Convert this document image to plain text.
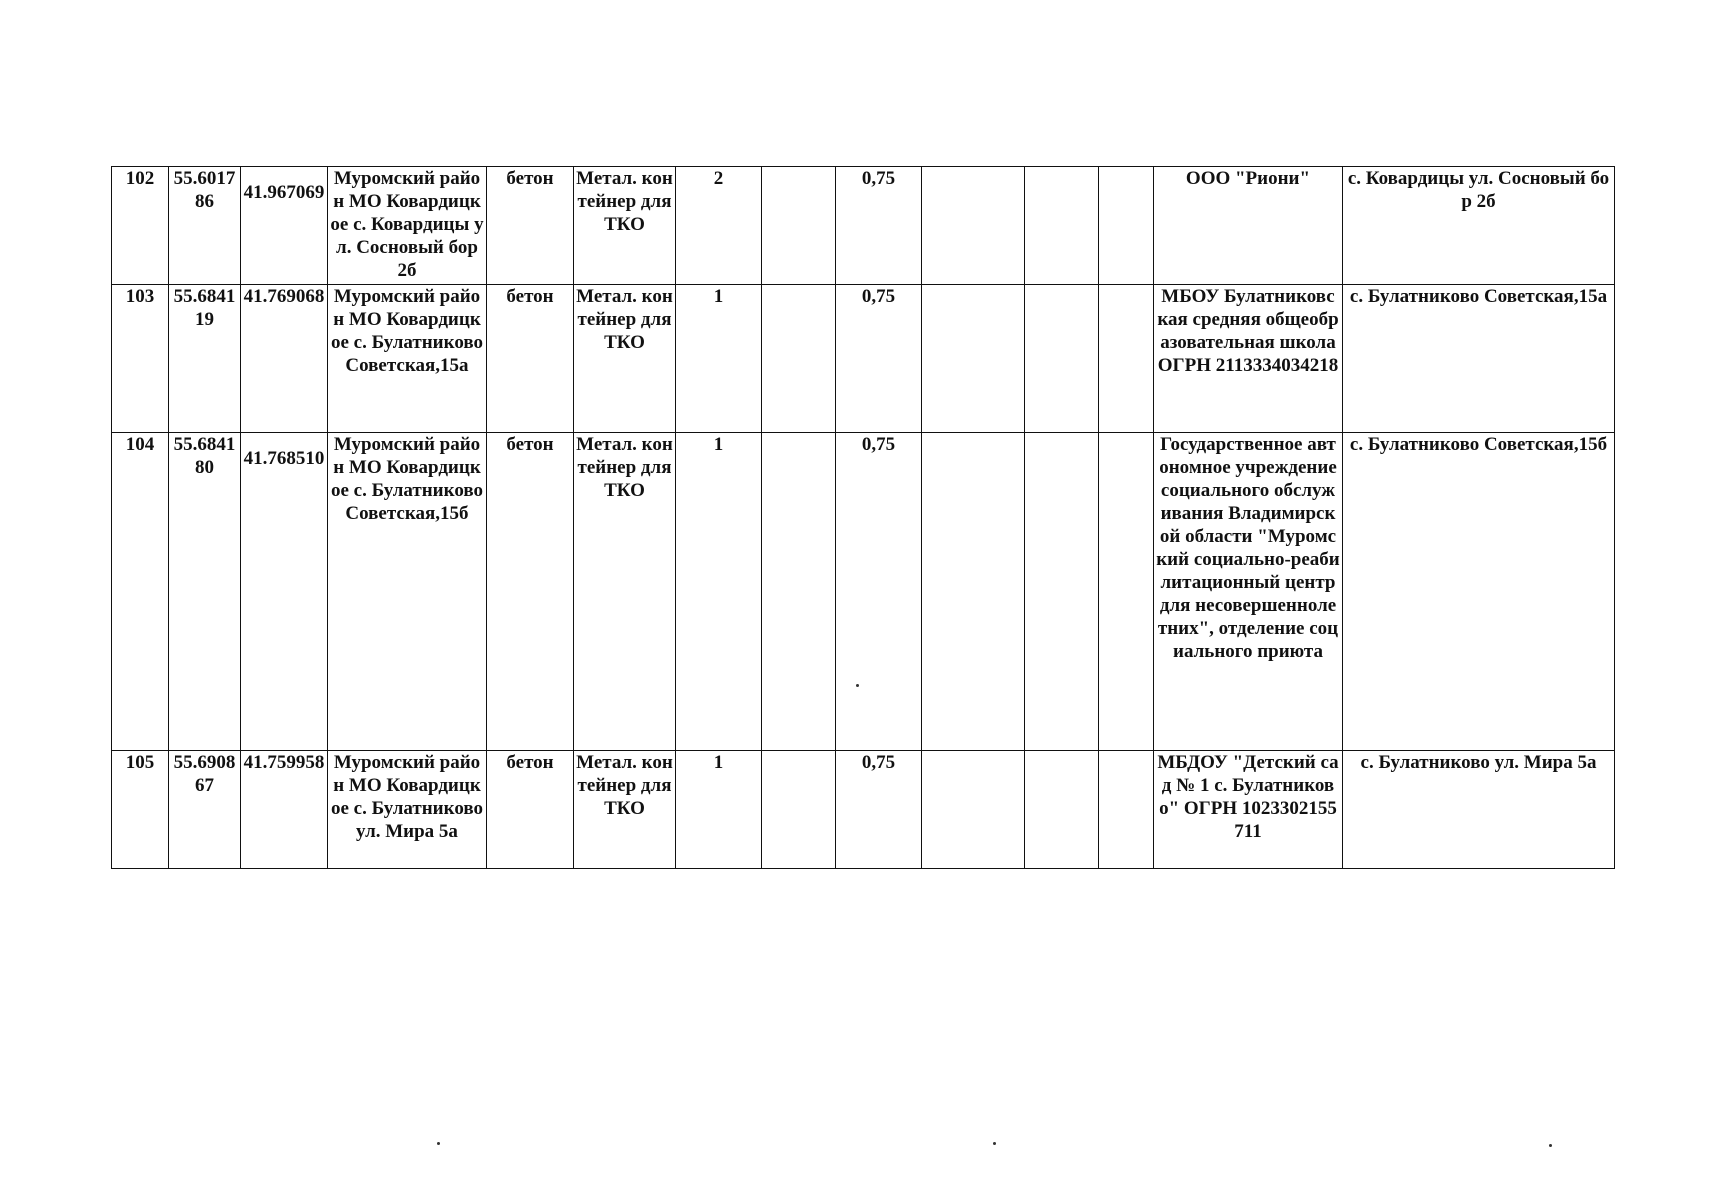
102	55.601786	41.967069	Муромский район МО Ковардицкое с. Ковардицы ул. Сосновый бор 2б	бетон	Метал. контейнер для ТКО	2		0,75				ООО "Риони"	с. Ковардицы ул. Сосновый бор 2б
103	55.684119	41.769068	Муромский район МО Ковардицкое с. Булатниково Советская,15а	бетон	Метал. контейнер для ТКО	1		0,75				МБОУ Булатниковская средняя общеобразовательная школа ОГРН 2113334034218	с. Булатниково Советская,15а
104	55.684180	41.768510	Муромский район МО Ковардицкое с. Булатниково Советская,15б	бетон	Метал. контейнер для ТКО	1		0,75				Государственное автономное учреждение социального обслуживания Владимирской области "Муромский социально-реабилитационный центр для несовершеннолетних", отделение социального приюта	с. Булатниково Советская,15б
105	55.690867	41.759958	Муромский район МО Ковардицкое с. Булатниково ул. Мира 5а	бетон	Метал. контейнер для ТКО	1		0,75				МБДОУ "Детский сад № 1 с. Булатниково" ОГРН 1023302155711	с. Булатниково ул. Мира 5а
